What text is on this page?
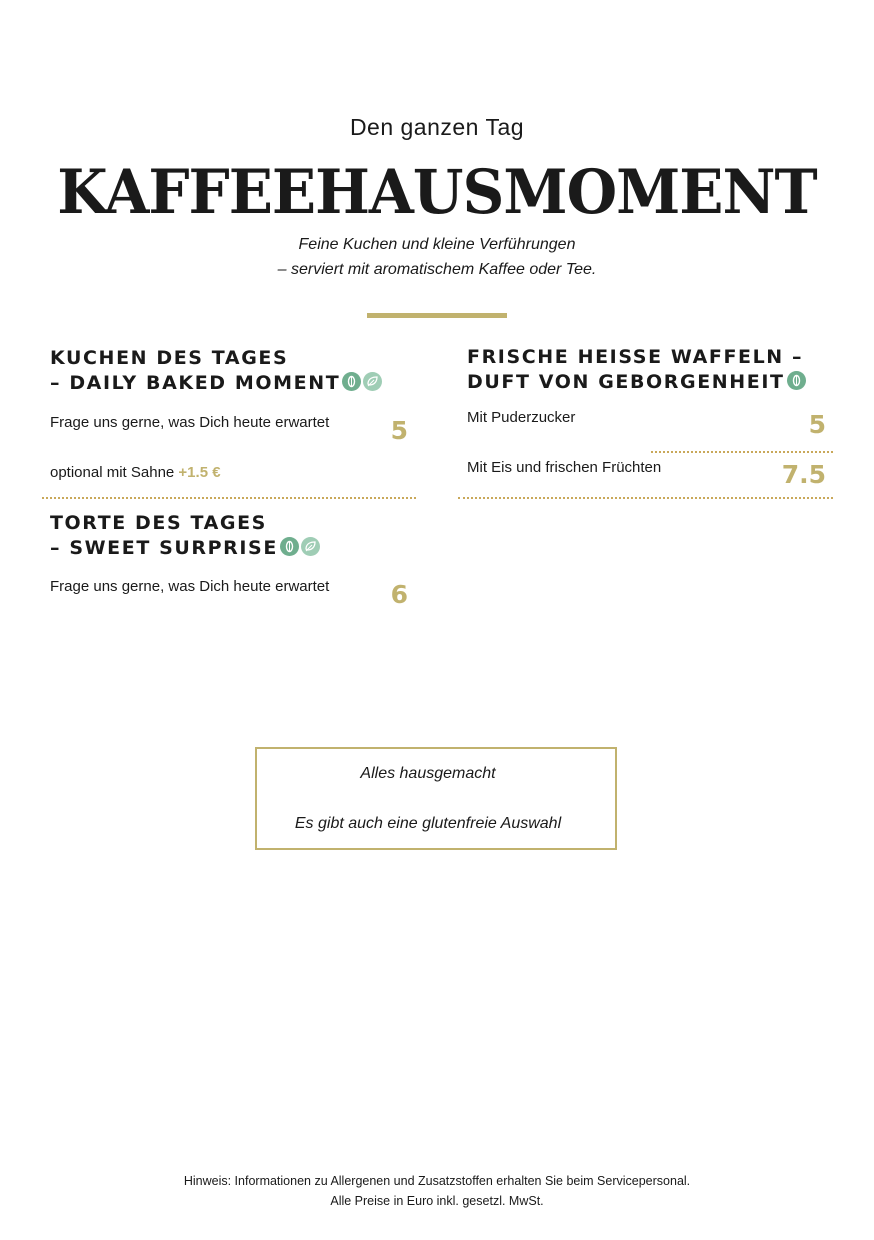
Den ganzen Tag
KAFFEEHAUSMOMENT
Feine Kuchen und kleine Verführungen
– serviert mit aromatischem Kaffee oder Tee.
KUCHEN DES TAGES
– DAILY BAKED MOMENT
Frage uns gerne, was Dich heute erwartet	5
optional mit Sahne +1.5 €
TORTE DES TAGES
– SWEET SURPRISE
Frage uns gerne, was Dich heute erwartet	6
FRISCHE HEISSE WAFFELN –
DUFT VON GEBORGENHEIT
Mit Puderzucker	5
Mit Eis und frischen Früchten	7.5
Alles hausgemacht
Es gibt auch eine glutenfreie Auswahl
Hinweis: Informationen zu Allergenen und Zusatzstoffen erhalten Sie beim Servicepersonal.
Alle Preise in Euro inkl. gesetzl. MwSt.
